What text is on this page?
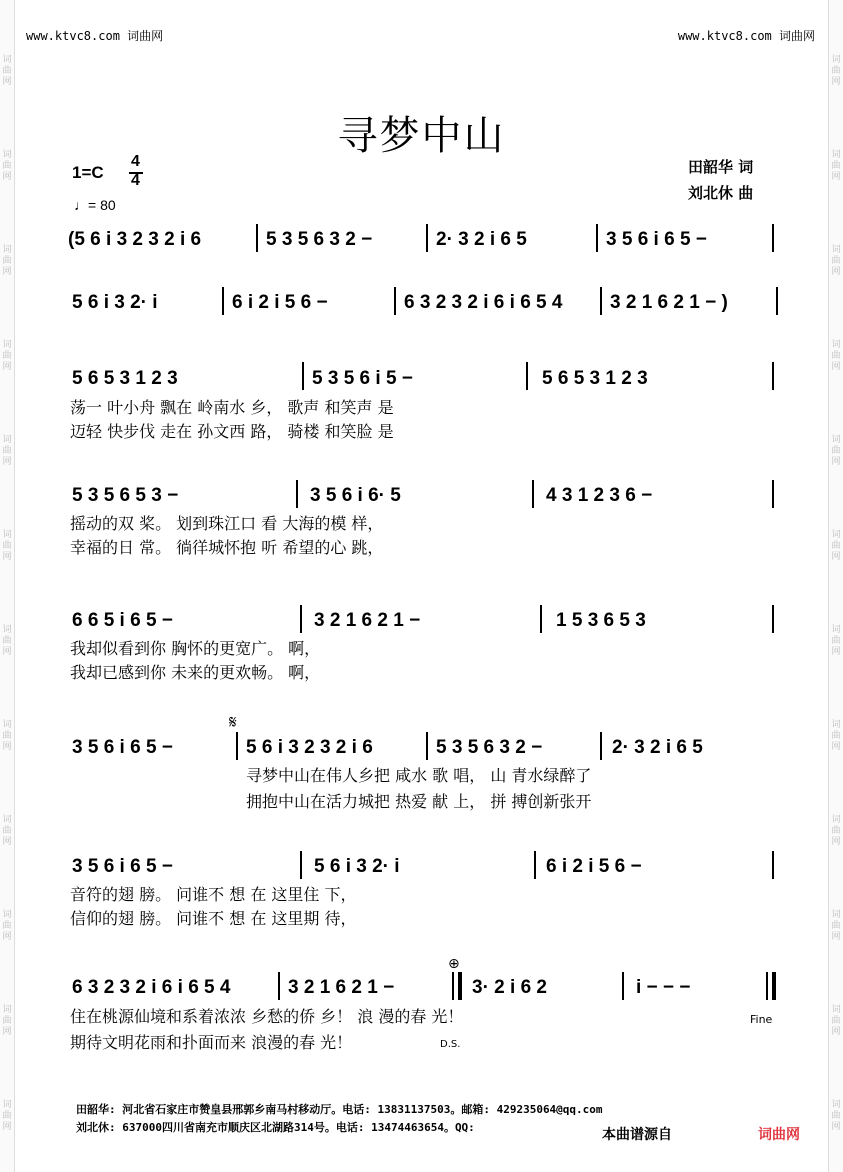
词
曲
网
词
曲
网
词
曲
网
词
曲
网
词
曲
网
词
曲
网
词
曲
网
词
曲
网
词
曲
网
词
曲
网
词
曲
网
词
曲
网
词
曲
网
词
曲
网
词
曲
网
词
曲
网
词
曲
网
词
曲
网
词
曲
网
词
曲
网
词
曲
网
词
曲
网
词
曲
网
词
曲
网
www.ktvc8.com 词曲网	www.ktvc8.com 词曲网
寻梦中山
1=C
4
4
♩= 80
田韶华 词
刘北休 曲
(5 6 i 3 2 3 2 i 6	5 3 5 6 3 2 −	2· 3 2 i 6 5	3 5 6 i 6 5 −
5 6 i 3 2· i	6 i 2 i 5 6 −	6 3 2 3 2 i 6 i 6 5 4	3 2 1 6 2 1 − )
5 6 5 3 1 2 3	5 3 5 6 i 5 −	5 6 5 3 1 2 3
荡一 叶小舟 飘在 岭南水 乡， 歌声 和笑声 是
迈轻 快步伐 走在 孙文西 路， 骑楼 和笑脸 是
5 3 5 6 5 3 −	3 5 6 i 6· 5	4 3 1 2 3 6 −
摇动的双 桨。 划到珠江口 看 大海的模 样，
幸福的日 常。 徜徉城怀抱 听 希望的心 跳，
6 6 5 i 6 5 −	3 2 1 6 2 1 −	1 5 3 6 5 3
我却似看到你 胸怀的更宽广。 啊，
我却已感到你 未来的更欢畅。 啊，
3 5 6 i 6 5 −
𝄋
5 6 i 3 2 3 2 i 6	5 3 5 6 3 2 −	2· 3 2 i 6 5
寻梦中山在伟人乡把 咸水 歌 唱， 山 青水绿醉了
拥抱中山在活力城把 热爱 献 上， 拼 搏创新张开
3 5 6 i 6 5 −	5 6 i 3 2· i	6 i 2 i 5 6 −
音符的翅 膀。 问谁不 想 在 这里住 下，
信仰的翅 膀。 问谁不 想 在 这里期 待，
6 3 2 3 2 i 6 i 6 5 4	3 2 1 6 2 1 −
⊕
3· 2 i 6 2	i − − −
住在桃源仙境和系着浓浓 乡愁的侨 乡！ 浪 漫的春 光！
期待文明花雨和扑面而来 浪漫的春 光！
Fine
D.S.
田韶华: 河北省石家庄市赞皇县邢郭乡南马村移动厅。电话: 13831137503。邮箱: 429235064@qq.com
刘北休: 637000四川省南充市顺庆区北湖路314号。电话: 13474463654。QQ:	本曲谱源自	词曲网
